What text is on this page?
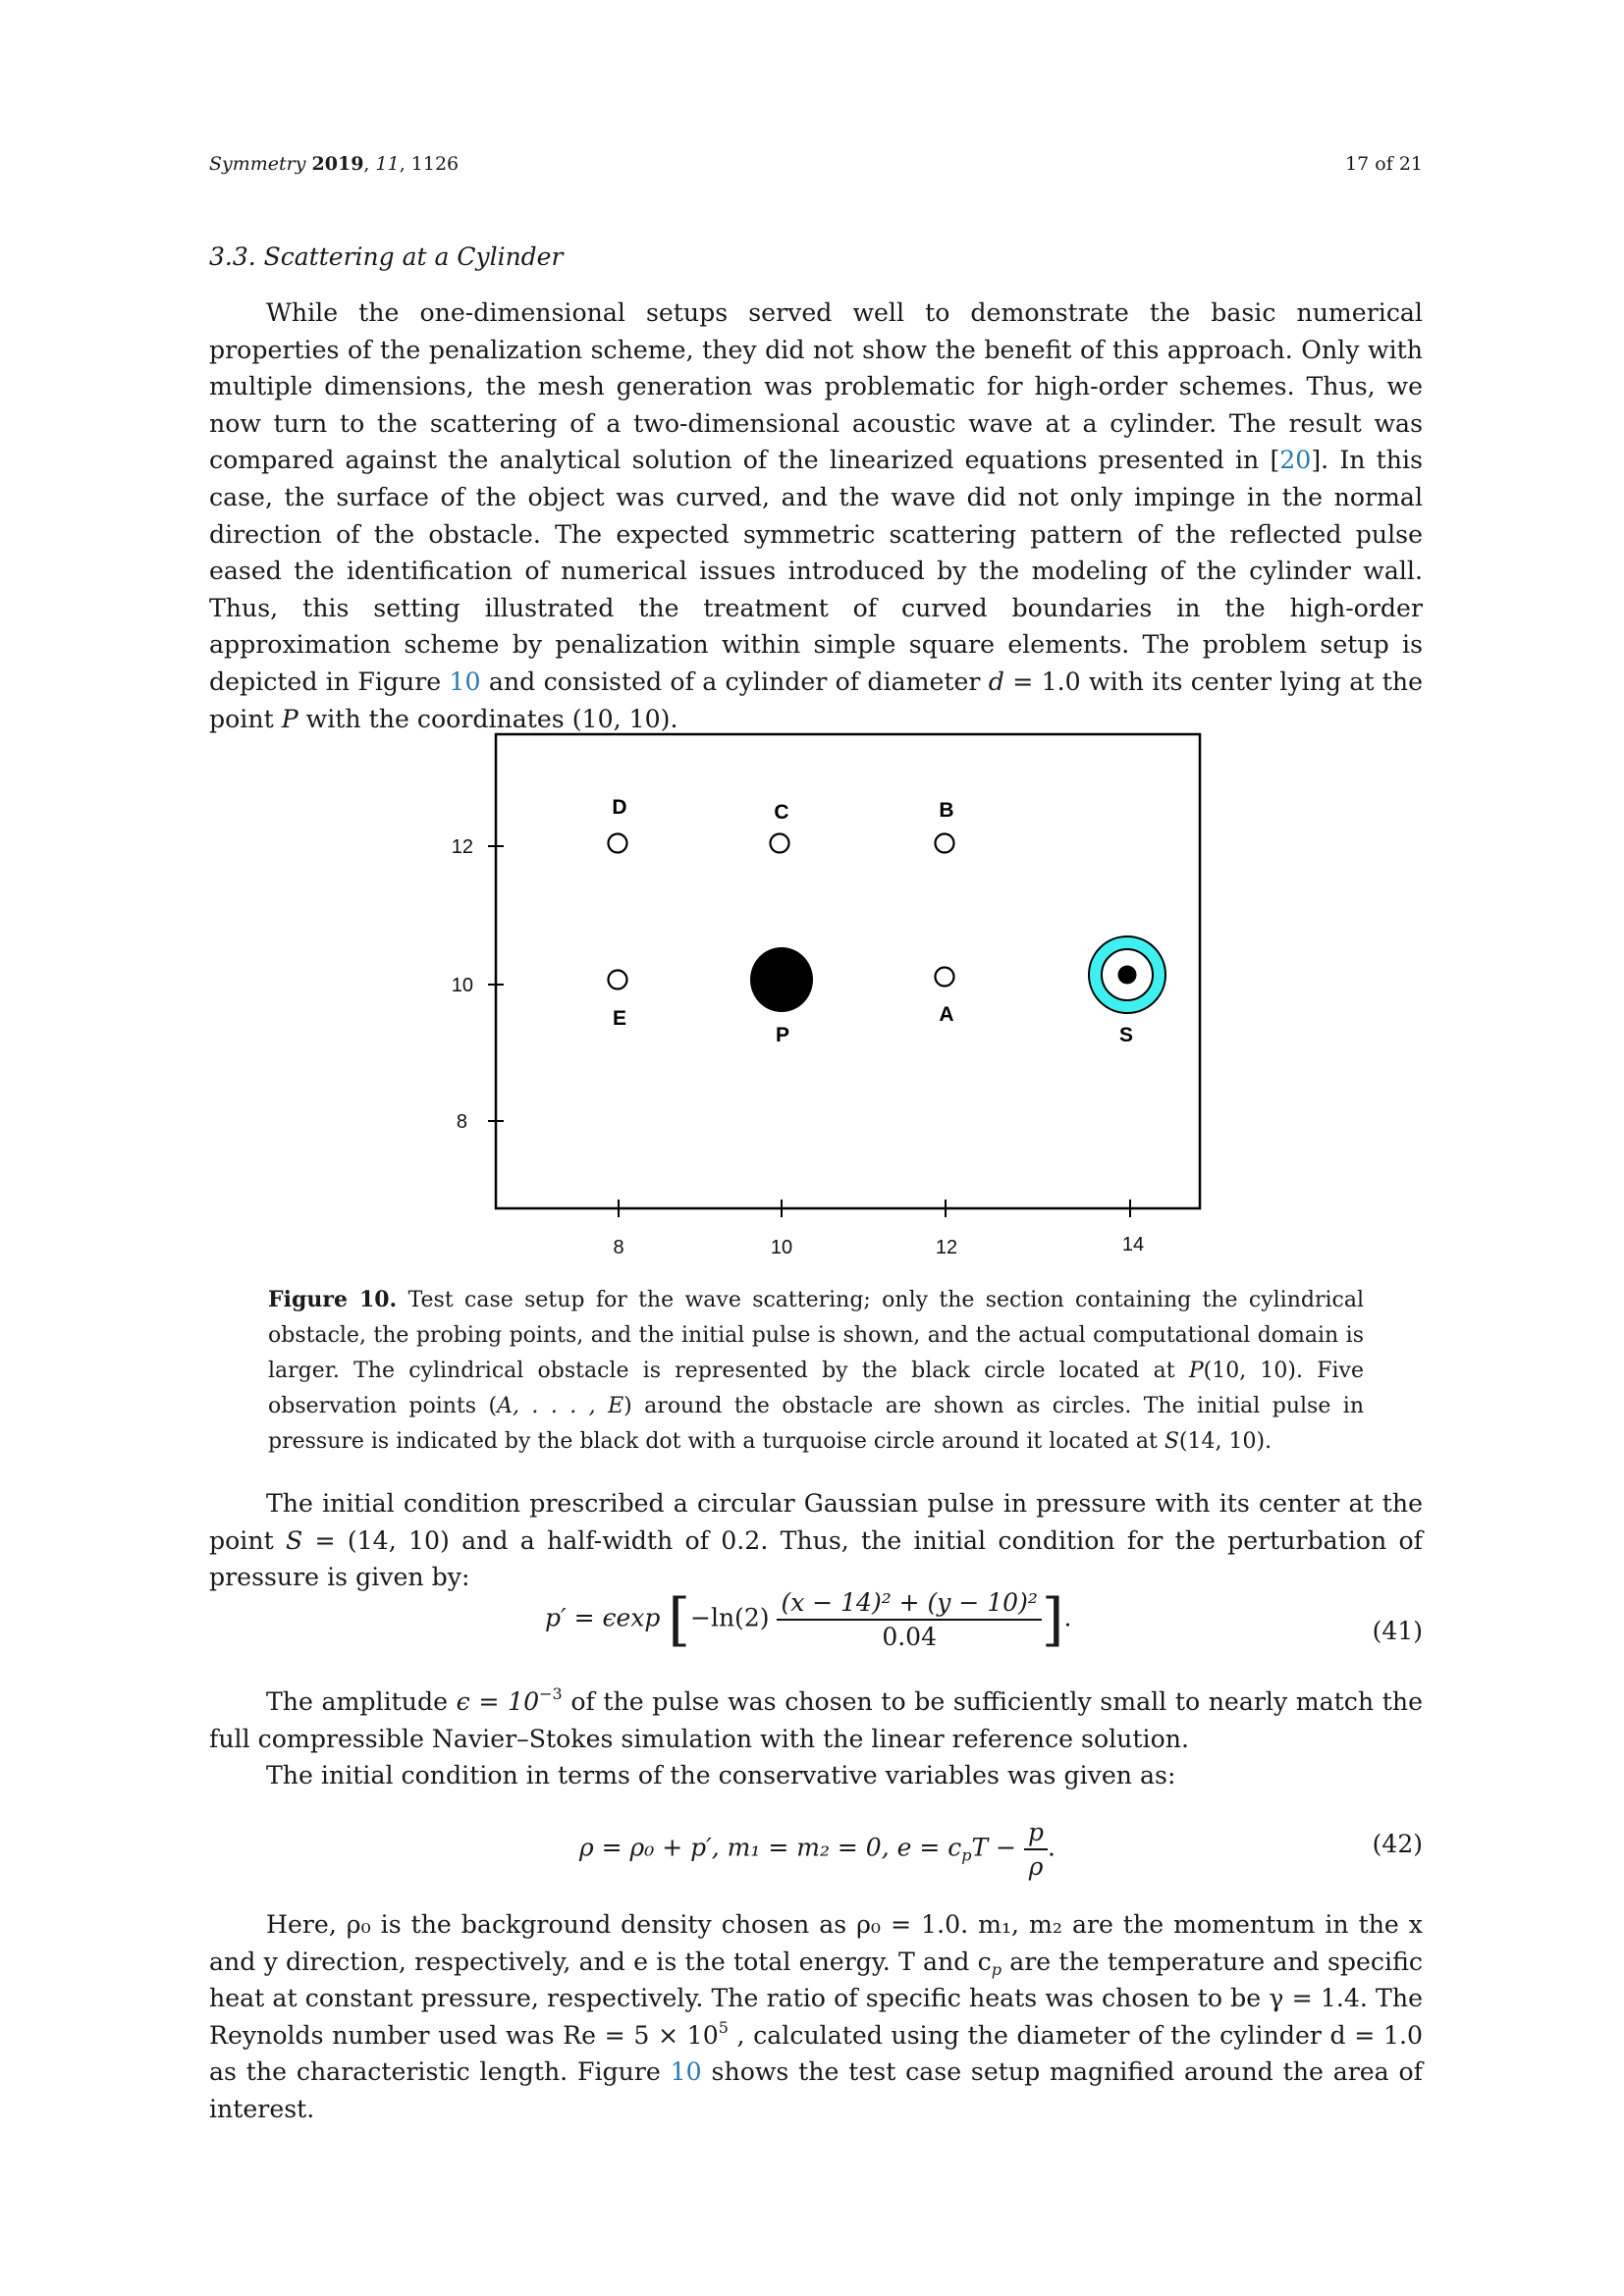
Symmetry 2019, 11, 1126	17 of 21
3.3. Scattering at a Cylinder
While the one-dimensional setups served well to demonstrate the basic numerical properties of the penalization scheme, they did not show the benefit of this approach. Only with multiple dimensions, the mesh generation was problematic for high-order schemes. Thus, we now turn to the scattering of a two-dimensional acoustic wave at a cylinder. The result was compared against the analytical solution of the linearized equations presented in [20]. In this case, the surface of the object was curved, and the wave did not only impinge in the normal direction of the obstacle. The expected symmetric scattering pattern of the reflected pulse eased the identification of numerical issues introduced by the modeling of the cylinder wall. Thus, this setting illustrated the treatment of curved boundaries in the high-order approximation scheme by penalization within simple square elements. The problem setup is depicted in Figure 10 and consisted of a cylinder of diameter d = 1.0 with its center lying at the point P with the coordinates (10, 10).
12
10
8
8	10	12	14
D	C	B
E
P
A
S
Figure 10. Test case setup for the wave scattering; only the section containing the cylindrical obstacle, the probing points, and the initial pulse is shown, and the actual computational domain is larger. The cylindrical obstacle is represented by the black circle located at P(10, 10). Five observation points (A, . . . , E) around the obstacle are shown as circles. The initial pulse in pressure is indicated by the black dot with a turquoise circle around it located at S(14, 10).
The initial condition prescribed a circular Gaussian pulse in pressure with its center at the point S = (14, 10) and a half-width of 0.2. Thus, the initial condition for the perturbation of pressure is given by:
p′ = ϵexp [$-\ln(2) \frac{\text{(x − 14)² + (y − 10)²}}{0.04}$ ].	(41)
The amplitude $\epsilon = 10^{-3}$ of the pulse was chosen to be sufficiently small to nearly match the full compressible Navier–Stokes simulation with the linear reference solution.
The initial condition in terms of the conservative variables was given as:
ρ = ρ₀ + p′, m₁ = m₂ = 0, $e = c_pT - \frac{p}{\rho}$ .	(42)
Here, ρ₀ is the background density chosen as ρ₀ = 1.0. m₁, m₂ are the momentum in the x and y direction, respectively, and e is the total energy. T and $c_p$ are the temperature and specific heat at constant pressure, respectively. The ratio of specific heats was chosen to be γ = 1.4. The Reynolds number used was $Re = 5 \times 10^5$ , calculated using the diameter of the cylinder d = 1.0 as the characteristic length. Figure 10 shows the test case setup magnified around the area of interest.
